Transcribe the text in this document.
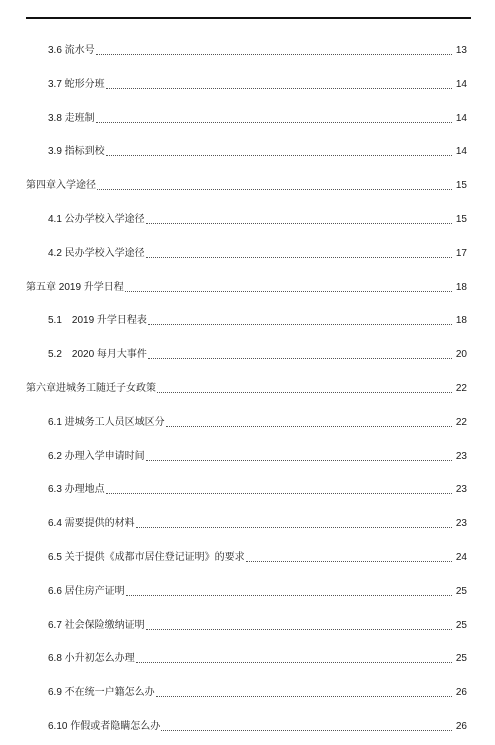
3.6 流水号	13
3.7 蛇形分班	14
3.8 走班制	14
3.9 指标到校	14
第四章入学途径	15
4.1 公办学校入学途径	15
4.2 民办学校入学途径	17
第五章 2019 升学日程	18
5.1　2019 升学日程表	18
5.2　2020 每月大事件	20
第六章进城务工随迁子女政策	22
6.1 进城务工人员区域区分	22
6.2 办理入学申请时间	23
6.3 办理地点	23
6.4 需要提供的材料	23
6.5 关于提供《成都市居住登记证明》的要求	24
6.6 居住房产证明	25
6.7 社会保险缴纳证明	25
6.8 小升初怎么办理	25
6.9 不在统一户籍怎么办	26
6.10 作假或者隐瞒怎么办	26
